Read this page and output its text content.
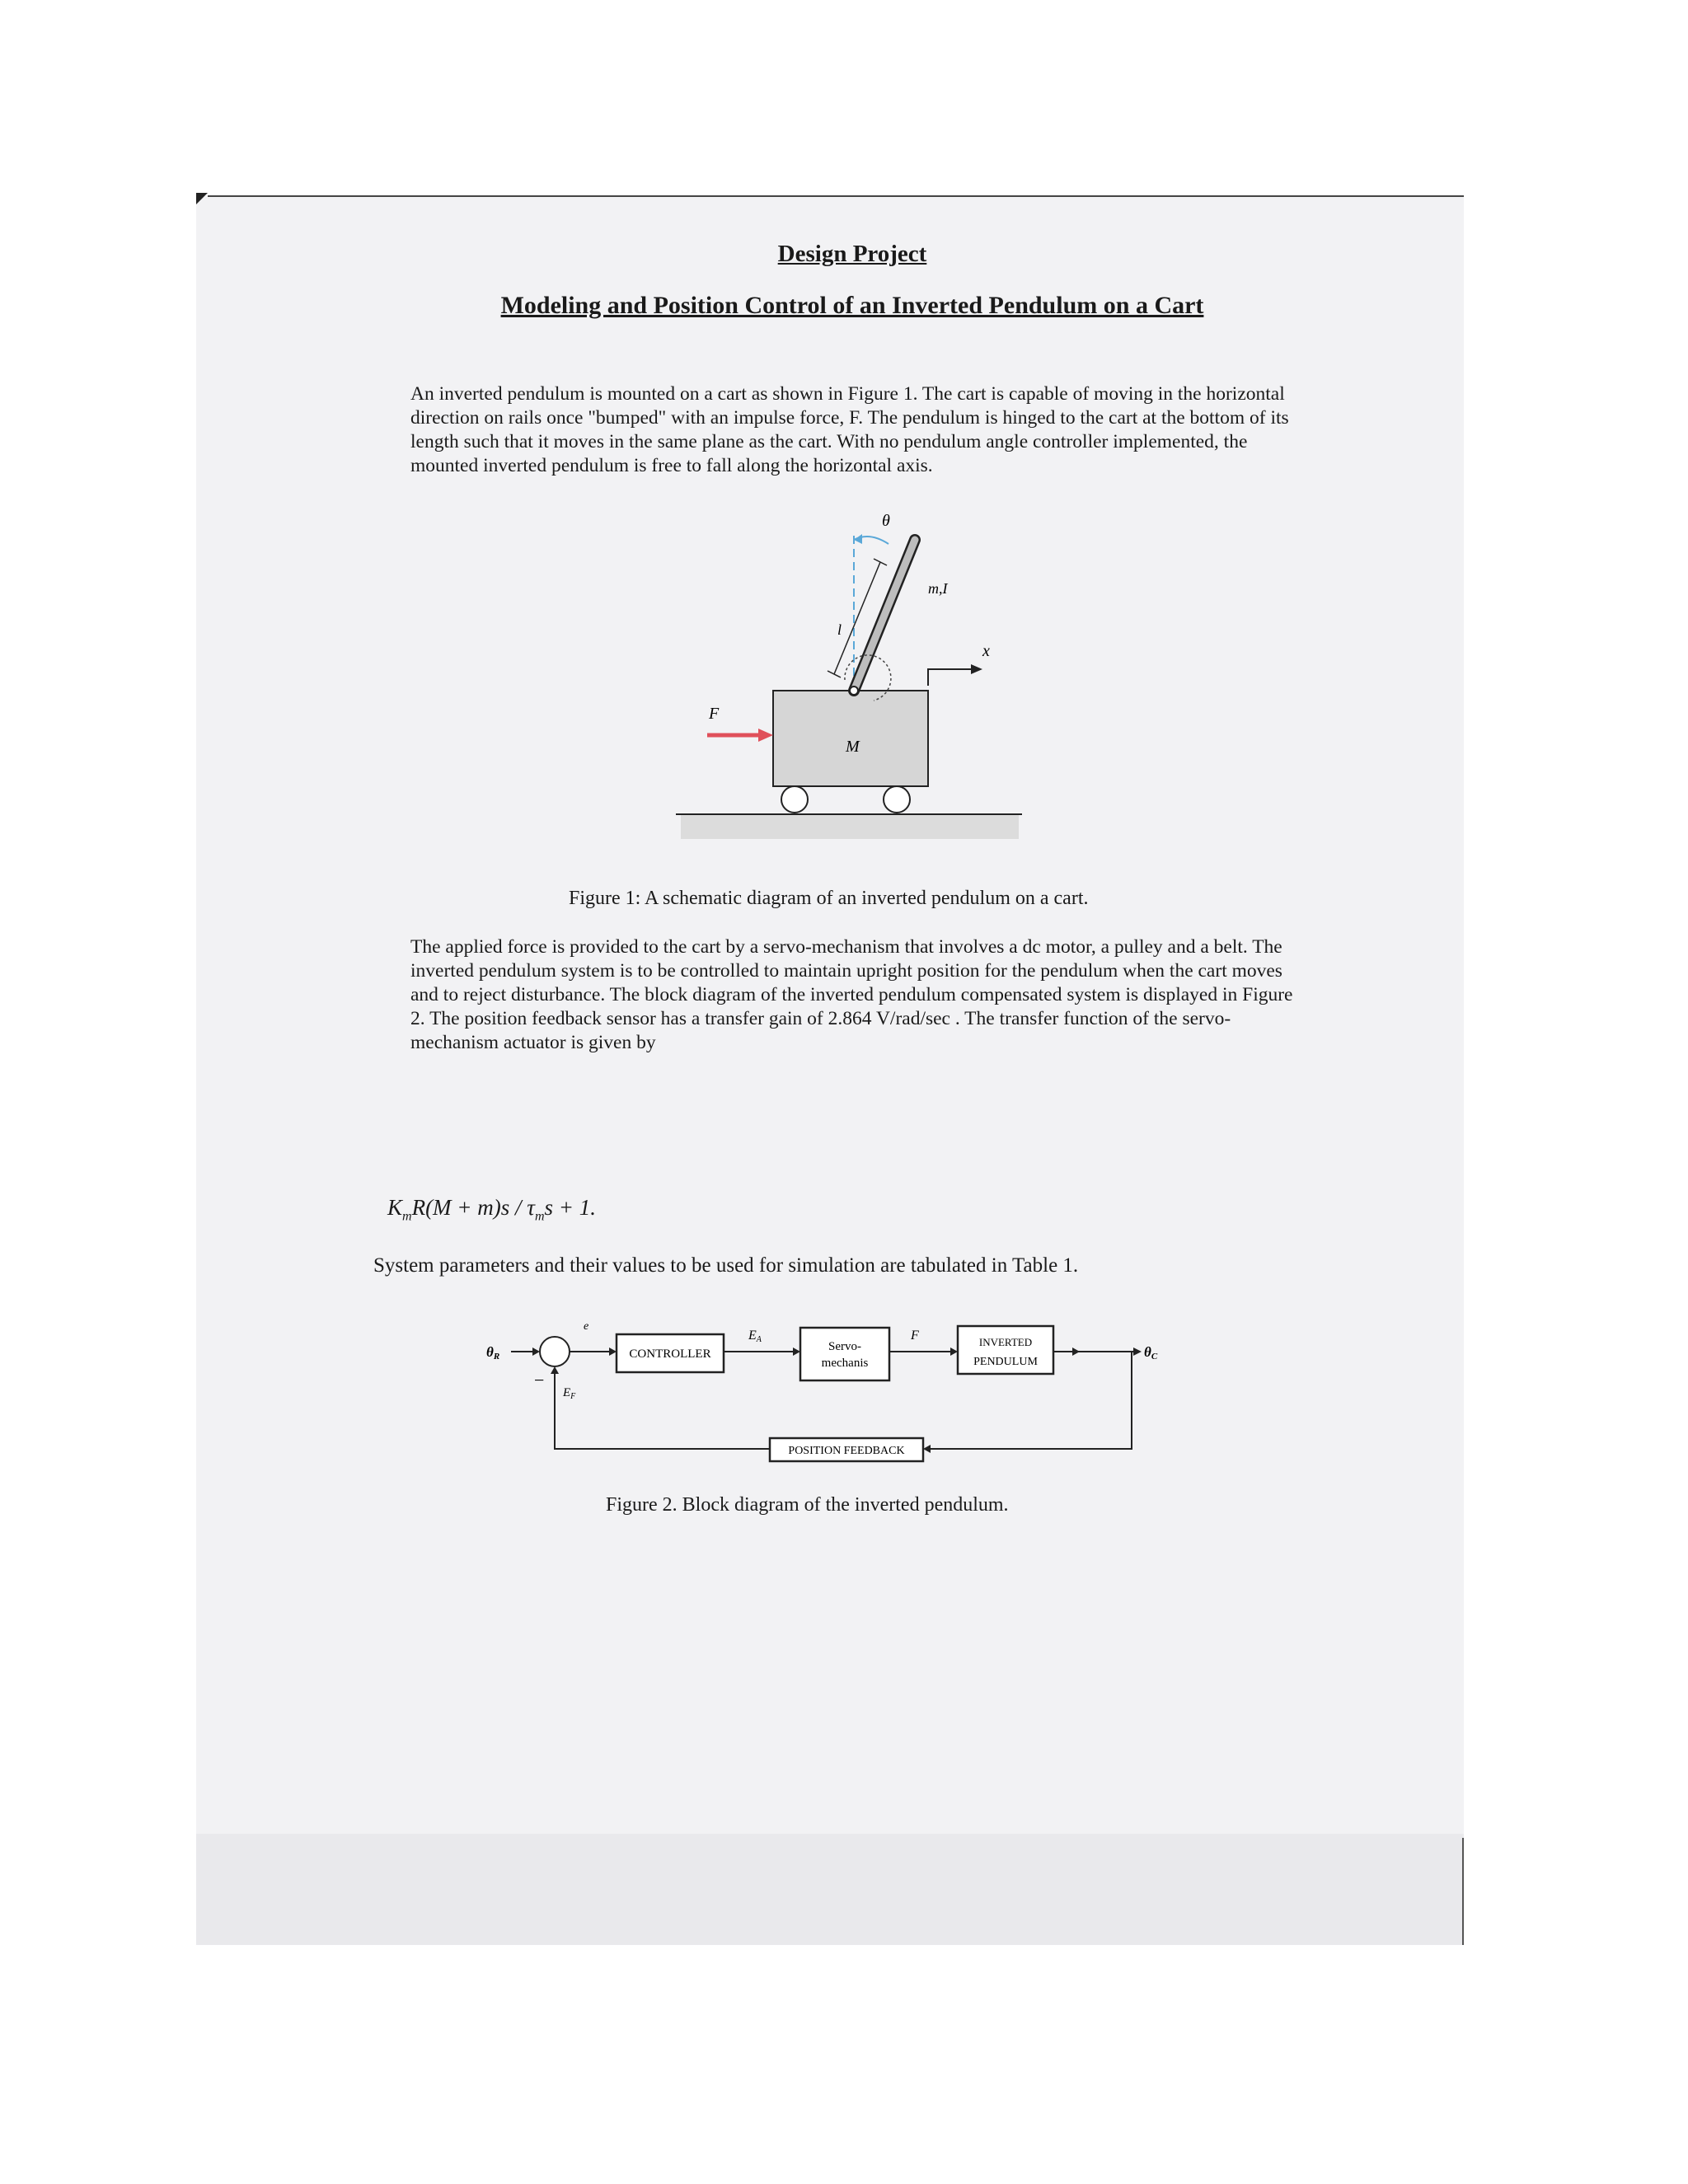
Design Project
Modeling and Position Control of an Inverted Pendulum on a Cart
An inverted pendulum is mounted on a cart as shown in Figure 1. The cart is capable of moving in the horizontal direction on rails once "bumped" with an impulse force, F. The pendulum is hinged to the cart at the bottom of its length such that it moves in the same plane as the cart. With no pendulum angle controller implemented, the mounted inverted pendulum is free to fall along the horizontal axis.
θ
m,I
l
x
F
M
Figure 1: A schematic diagram of an inverted pendulum on a cart.
The applied force is provided to the cart by a servo-mechanism that involves a dc motor, a pulley and a belt. The inverted pendulum system is to be controlled to maintain upright position for the pendulum when the cart moves and to reject disturbance. The block diagram of the inverted pendulum compensated system is displayed in Figure 2. The position feedback sensor has a transfer gain of 2.864 V/rad/sec . The transfer function of the servo-mechanism actuator is given by
$K_mR(M + m)s / \tau_ms + 1$.
System parameters and their values to be used for simulation are tabulated in Table 1.
θR
e
−
$E_F$
CONTROLLER
EA
Servo-
mechanis
F	INVERTED
PENDULUM
θC
POSITION FEEDBACK
Figure 2. Block diagram of the inverted pendulum.
